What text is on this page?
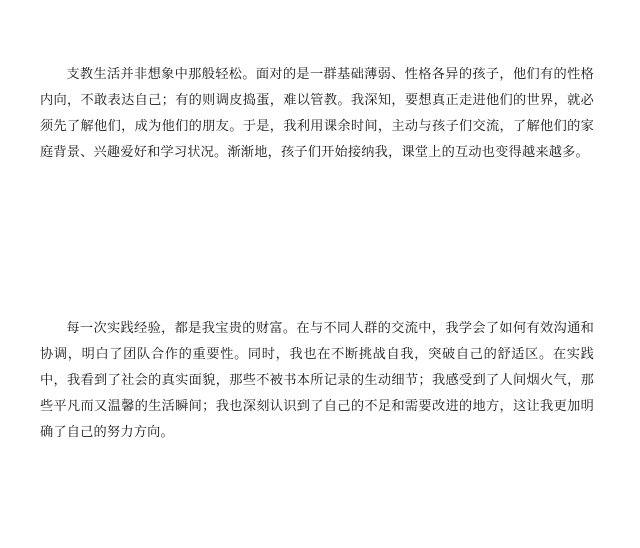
支教生活并非想象中那般轻松。面对的是一群基础薄弱、性格各异的孩子，他们有的性格内向，不敢表达自己；有的则调皮捣蛋，难以管教。我深知，要想真正走进他们的世界，就必须先了解他们，成为他们的朋友。于是，我利用课余时间，主动与孩子们交流，了解他们的家庭背景、兴趣爱好和学习状况。渐渐地，孩子们开始接纳我，课堂上的互动也变得越来越多。

每一次实践经验，都是我宝贵的财富。在与不同人群的交流中，我学会了如何有效沟通和协调，明白了团队合作的重要性。同时，我也在不断挑战自我，突破自己的舒适区。在实践中，我看到了社会的真实面貌，那些不被书本所记录的生动细节；我感受到了人间烟火气，那些平凡而又温馨的生活瞬间；我也深刻认识到了自己的不足和需要改进的地方，这让我更加明确了自己的努力方向。
